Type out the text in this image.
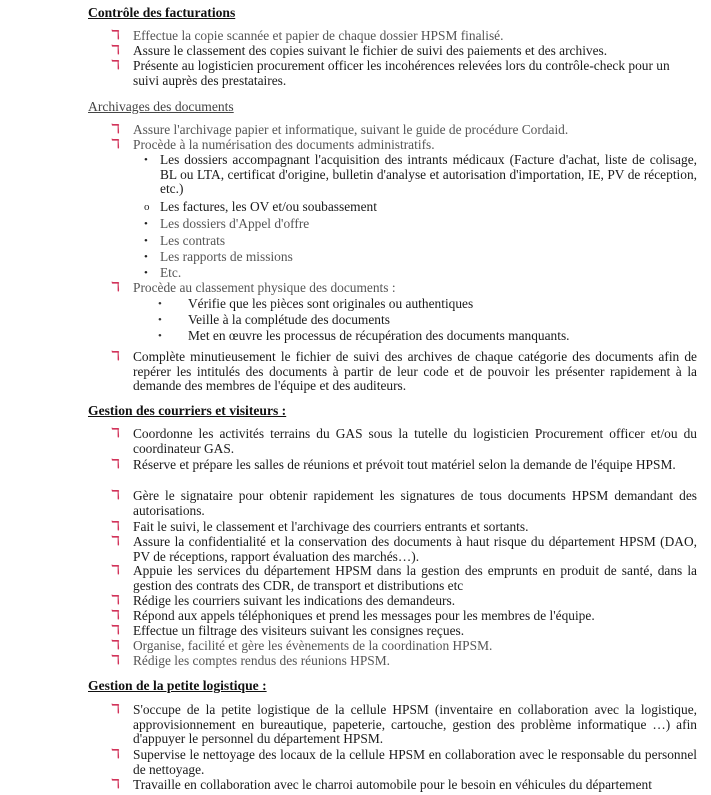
Contrôle des facturations
ℸ Effectue la copie scannée et papier de chaque dossier HPSM finalisé.
ℸ Assure le classement des copies suivant le fichier de suivi des paiements et des archives.
ℸ Présente au logisticien procurement officer les incohérences relevées lors du contrôle-check pour un suivi auprès des prestataires.
Archivages des documents
ℸ Assure l'archivage papier et informatique, suivant le guide de procédure Cordaid.
ℸ Procède à la numérisation des documents administratifs.
• Les dossiers accompagnant l'acquisition des intrants médicaux (Facture d'achat, liste de colisage, BL ou LTA, certificat d'origine, bulletin d'analyse et autorisation d'importation, IE, PV de réception, etc.)
o Les factures, les OV et/ou soubassement
• Les dossiers d'Appel d'offre
• Les contrats
• Les rapports de missions
• Etc.
ℸ Procède au classement physique des documents :
• Vérifie que les pièces sont originales ou authentiques
• Veille à la complétude des documents
• Met en œuvre les processus de récupération des documents manquants.
ℸ Complète minutieusement le fichier de suivi des archives de chaque catégorie des documents afin de repérer les intitulés des documents à partir de leur code et de pouvoir les présenter rapidement à la demande des membres de l'équipe et des auditeurs.
Gestion des courriers et visiteurs :
ℸ Coordonne les activités terrains du GAS sous la tutelle du logisticien Procurement officer et/ou du coordinateur GAS.
ℸ Réserve et prépare les salles de réunions et prévoit tout matériel selon la demande de l'équipe HPSM.
ℸ Gère le signataire pour obtenir rapidement les signatures de tous documents HPSM demandant des autorisations.
ℸ Fait le suivi, le classement et l'archivage des courriers entrants et sortants.
ℸ Assure la confidentialité et la conservation des documents à haut risque du département HPSM (DAO, PV de réceptions, rapport évaluation des marchés…).
ℸ Appuie les services du département HPSM dans la gestion des emprunts en produit de santé, dans la gestion des contrats des CDR, de transport et distributions etc
ℸ Rédige les courriers suivant les indications des demandeurs.
ℸ Répond aux appels téléphoniques et prend les messages pour les membres de l'équipe.
ℸ Effectue un filtrage des visiteurs suivant les consignes reçues.
ℸ Organise, facilité et gère les évènements de la coordination HPSM.
ℸ Rédige les comptes rendus des réunions HPSM.
Gestion de la petite logistique :
ℸ S'occupe de la petite logistique de la cellule HPSM (inventaire en collaboration avec la logistique, approvisionnement en bureautique, papeterie, cartouche, gestion des problème informatique …) afin d'appuyer le personnel du département HPSM.
ℸ Supervise le nettoyage des locaux de la cellule HPSM en collaboration avec le responsable du personnel de nettoyage.
ℸ Travaille en collaboration avec le charroi automobile pour le besoin en véhicules du département
